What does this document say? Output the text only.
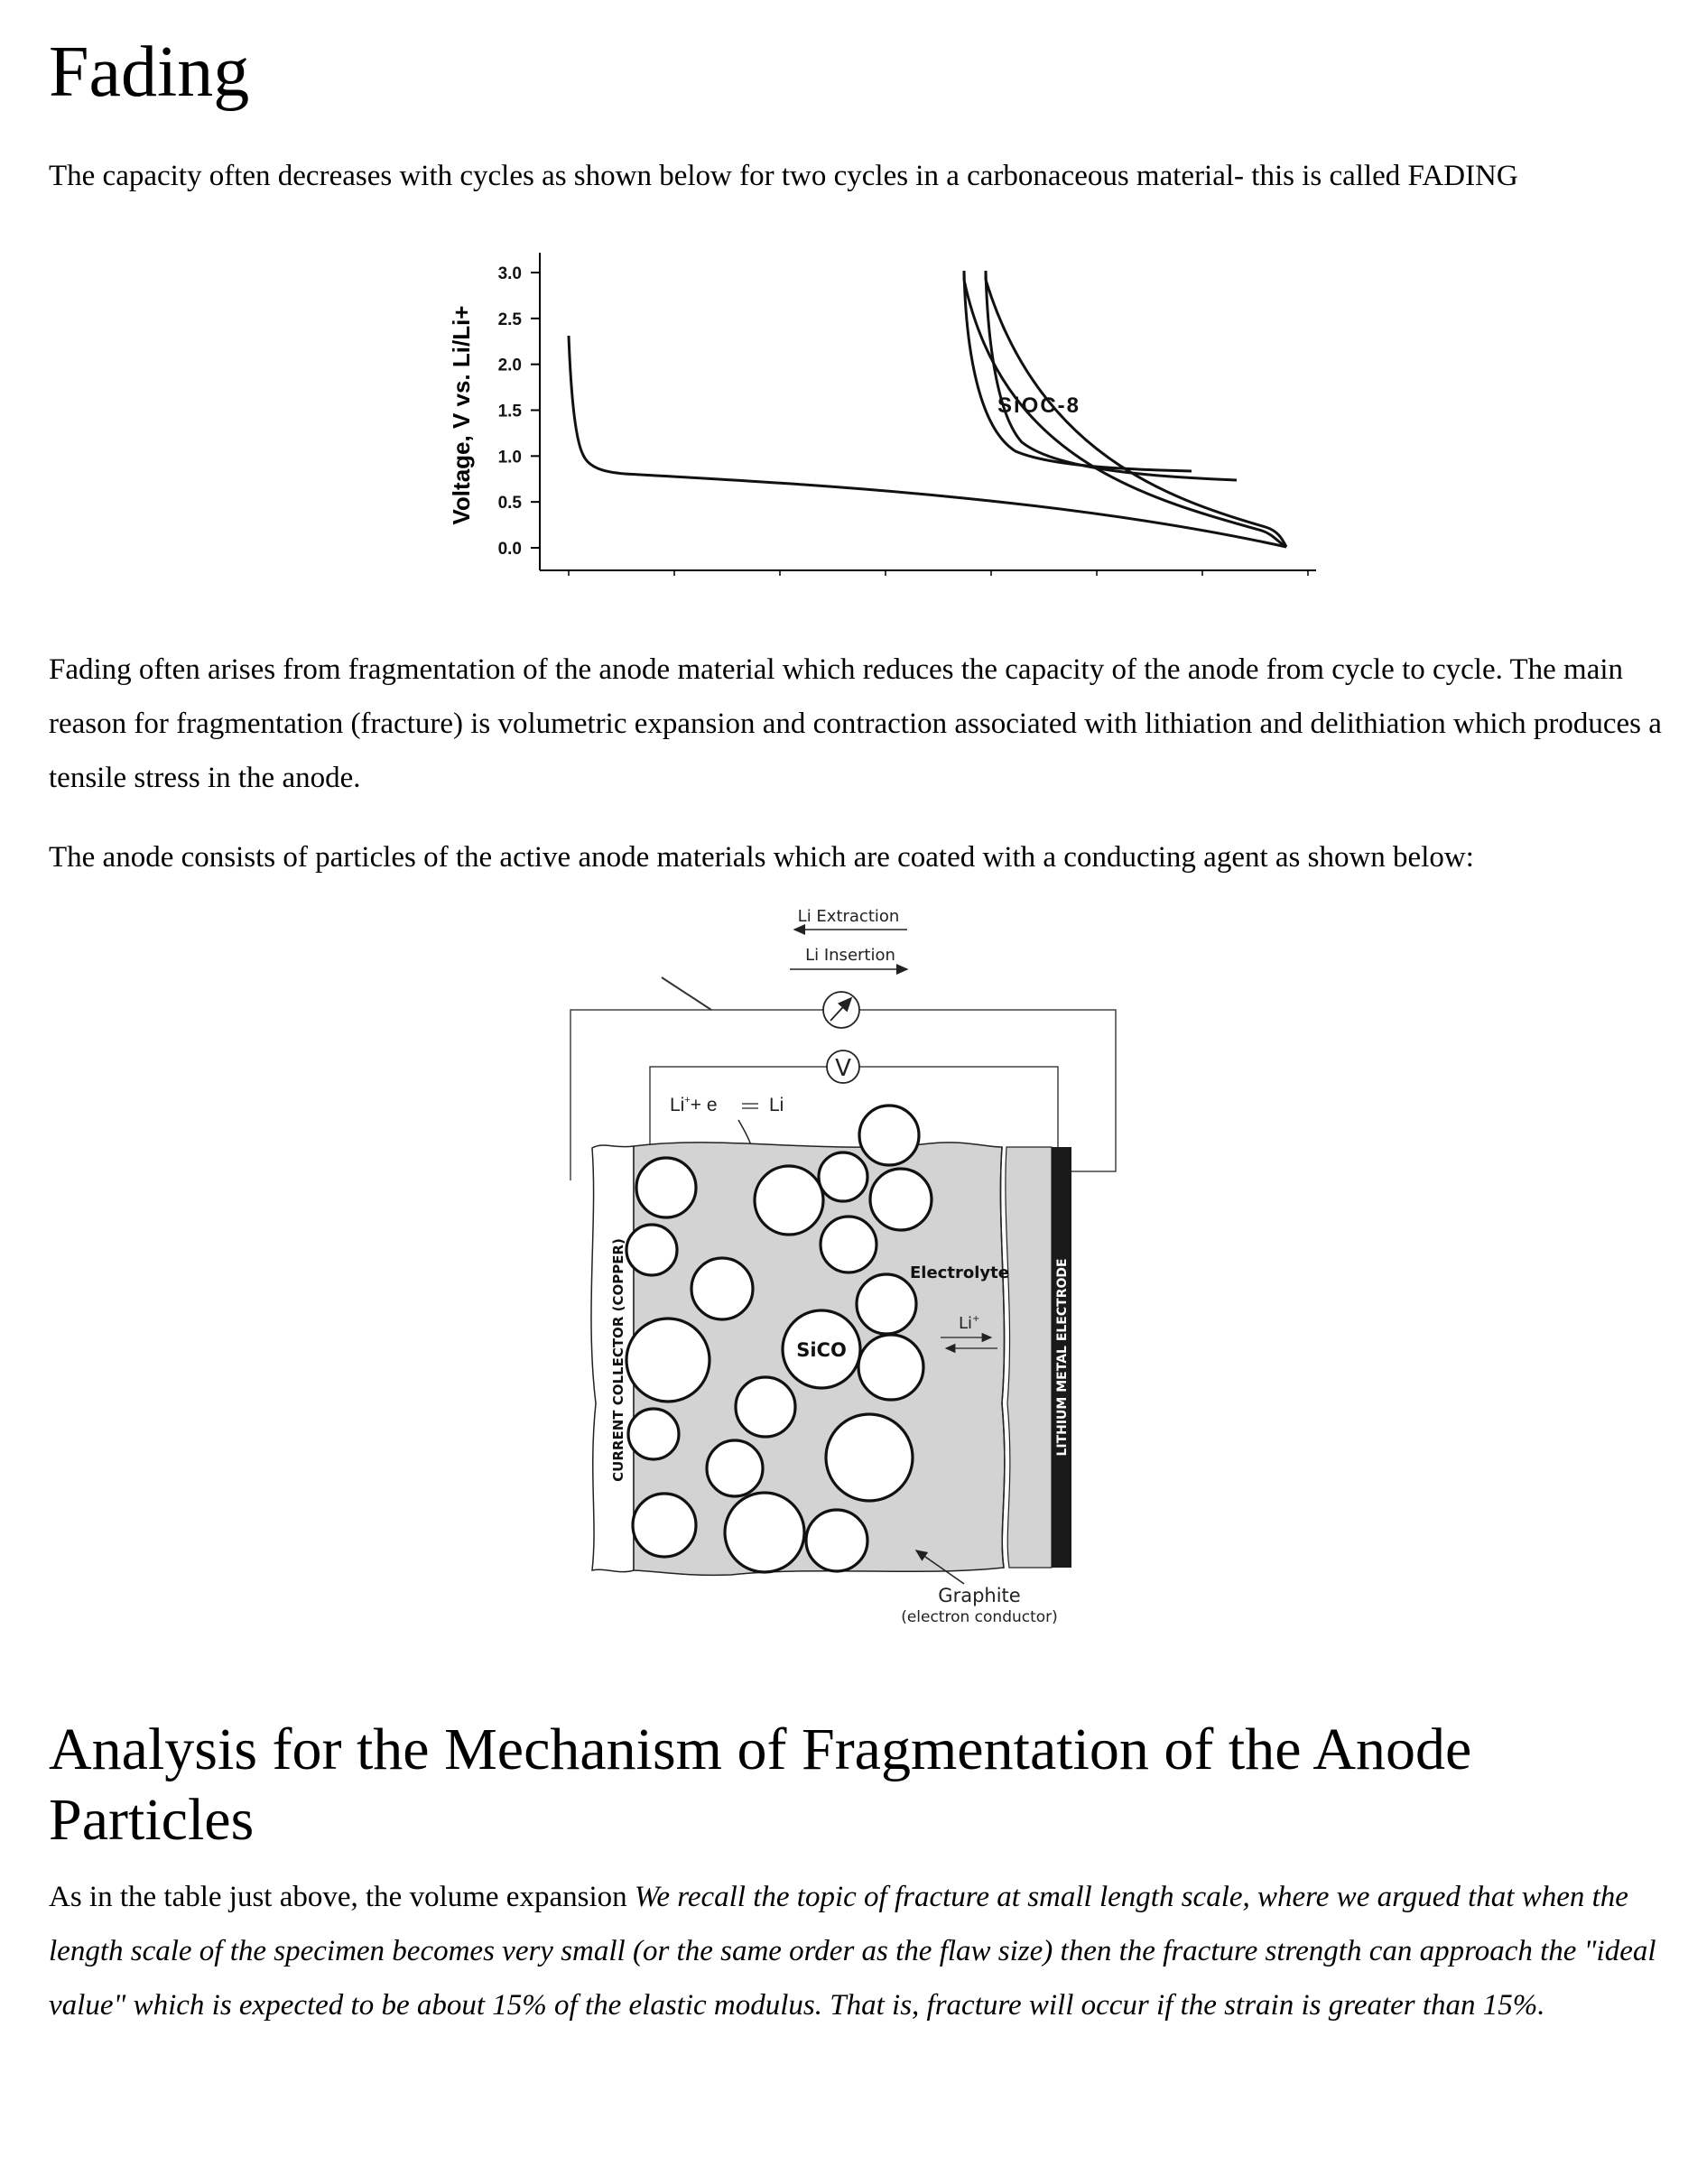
Fading

The capacity often decreases with cycles as shown below for two cycles in a carbonaceous material- this is called FADING

0.0
0.5
1.0
1.5
2.0
2.5
3.0
Voltage, V vs. Li/Li+	SiOC-8

Fading often arises from fragmentation of the anode material which reduces the capacity of the anode from cycle to cycle. The main reason for fragmentation (fracture) is volumetric expansion and contraction associated with lithiation and delithiation which produces a tensile stress in the anode.

The anode consists of particles of the active anode materials which are coated with a conducting agent as shown below:

Li Extraction
Li Insertion
V
Li++ e	Li
CURRENT COLLECTOR (COPPER)	LITHIUM METAL ELECTRODE
SiCO
Electrolyte
Li+
Graphite
(electron conductor)
Analysis for the Mechanism of Fragmentation of the Anode Particles

As in the table just above, the volume expansion We recall the topic of fracture at small length scale, where we argued that when the length scale of the specimen becomes very small (or the same order as the flaw size) then the fracture strength can approach the "ideal value" which is expected to be about 15% of the elastic modulus. That is, fracture will occur if the strain is greater than 15%.
